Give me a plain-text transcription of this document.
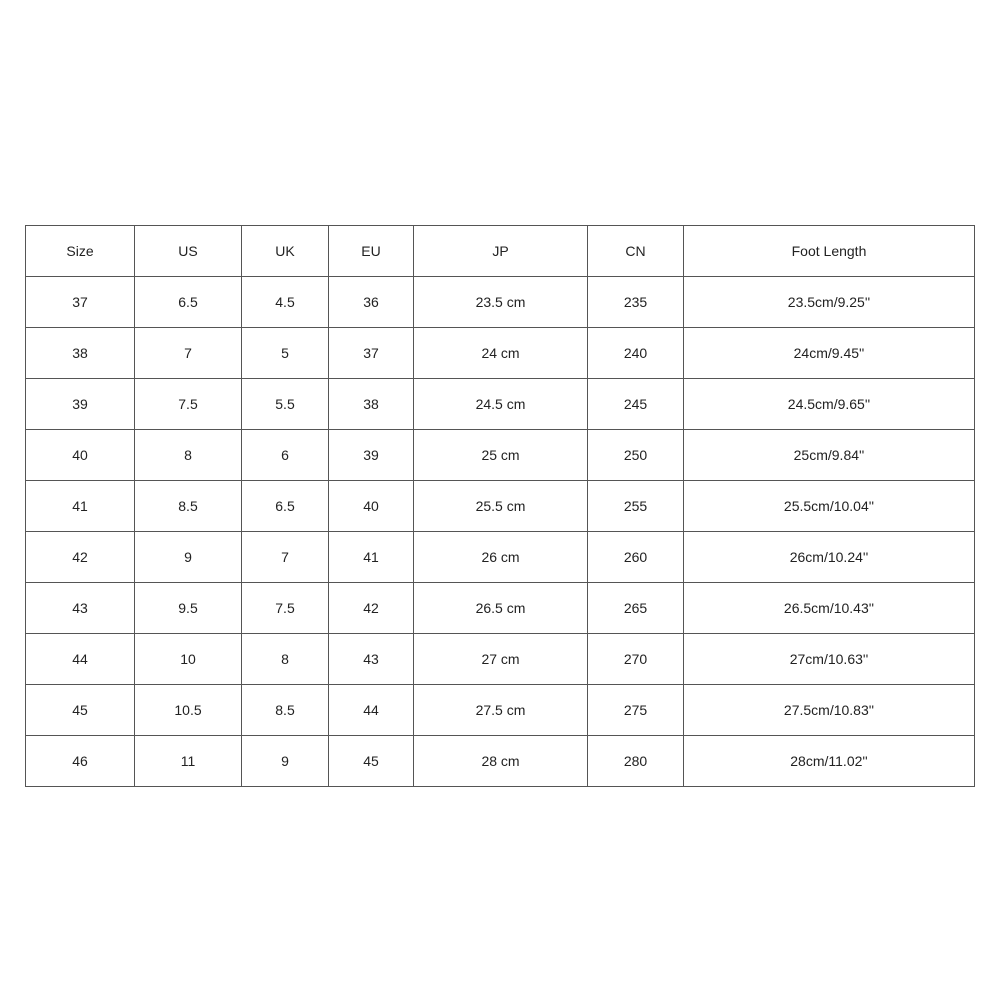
Size	US	UK	EU	JP	CN	Foot Length
37	6.5	4.5	36	23.5 cm	235	23.5cm/9.25''
38	7	5	37	24 cm	240	24cm/9.45''
39	7.5	5.5	38	24.5 cm	245	24.5cm/9.65''
40	8	6	39	25 cm	250	25cm/9.84''
41	8.5	6.5	40	25.5 cm	255	25.5cm/10.04''
42	9	7	41	26 cm	260	26cm/10.24''
43	9.5	7.5	42	26.5 cm	265	26.5cm/10.43''
44	10	8	43	27 cm	270	27cm/10.63''
45	10.5	8.5	44	27.5 cm	275	27.5cm/10.83''
46	11	9	45	28 cm	280	28cm/11.02''
